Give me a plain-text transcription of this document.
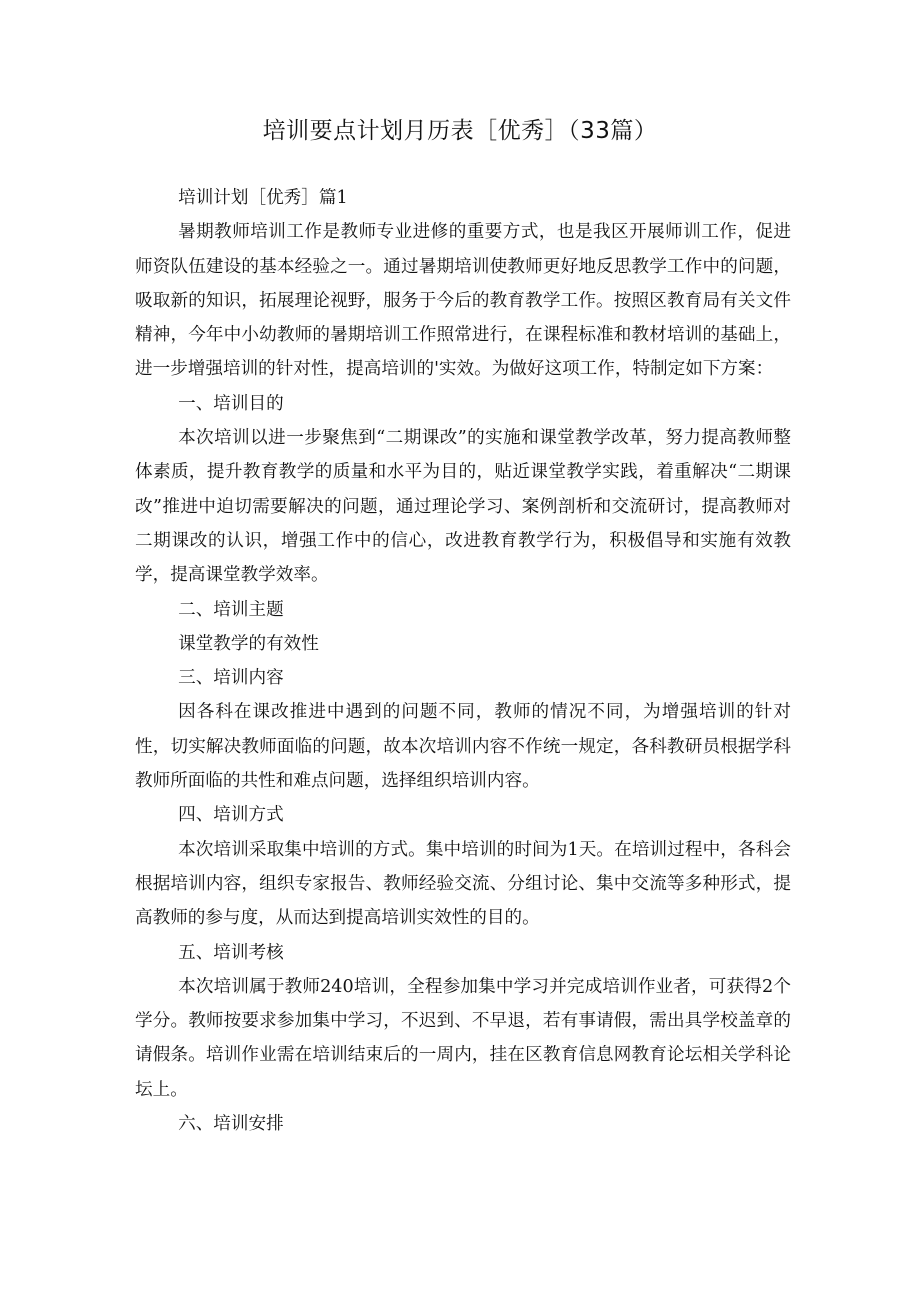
培训要点计划月历表［优秀］（33篇）

培训计划［优秀］篇1

暑期教师培训工作是教师专业进修的重要方式，也是我区开展师训工作，促进师资队伍建设的基本经验之一。通过暑期培训使教师更好地反思教学工作中的问题，吸取新的知识，拓展理论视野，服务于今后的教育教学工作。按照区教育局有关文件精神，今年中小幼教师的暑期培训工作照常进行，在课程标准和教材培训的基础上，进一步增强培训的针对性，提高培训的'实效。为做好这项工作，特制定如下方案：

一、培训目的

本次培训以进一步聚焦到“二期课改”的实施和课堂教学改革，努力提高教师整体素质，提升教育教学的质量和水平为目的，贴近课堂教学实践，着重解决“二期课改”推进中迫切需要解决的问题，通过理论学习、案例剖析和交流研讨，提高教师对二期课改的认识，增强工作中的信心，改进教育教学行为，积极倡导和实施有效教学，提高课堂教学效率。

二、培训主题

课堂教学的有效性

三、培训内容

因各科在课改推进中遇到的问题不同，教师的情况不同，为增强培训的针对性，切实解决教师面临的问题，故本次培训内容不作统一规定，各科教研员根据学科教师所面临的共性和难点问题，选择组织培训内容。

四、培训方式

本次培训采取集中培训的方式。集中培训的时间为1天。在培训过程中，各科会根据培训内容，组织专家报告、教师经验交流、分组讨论、集中交流等多种形式，提高教师的参与度，从而达到提高培训实效性的目的。

五、培训考核

本次培训属于教师240培训，全程参加集中学习并完成培训作业者，可获得2个学分。教师按要求参加集中学习，不迟到、不早退，若有事请假，需出具学校盖章的请假条。培训作业需在培训结束后的一周内，挂在区教育信息网教育论坛相关学科论坛上。

六、培训安排
